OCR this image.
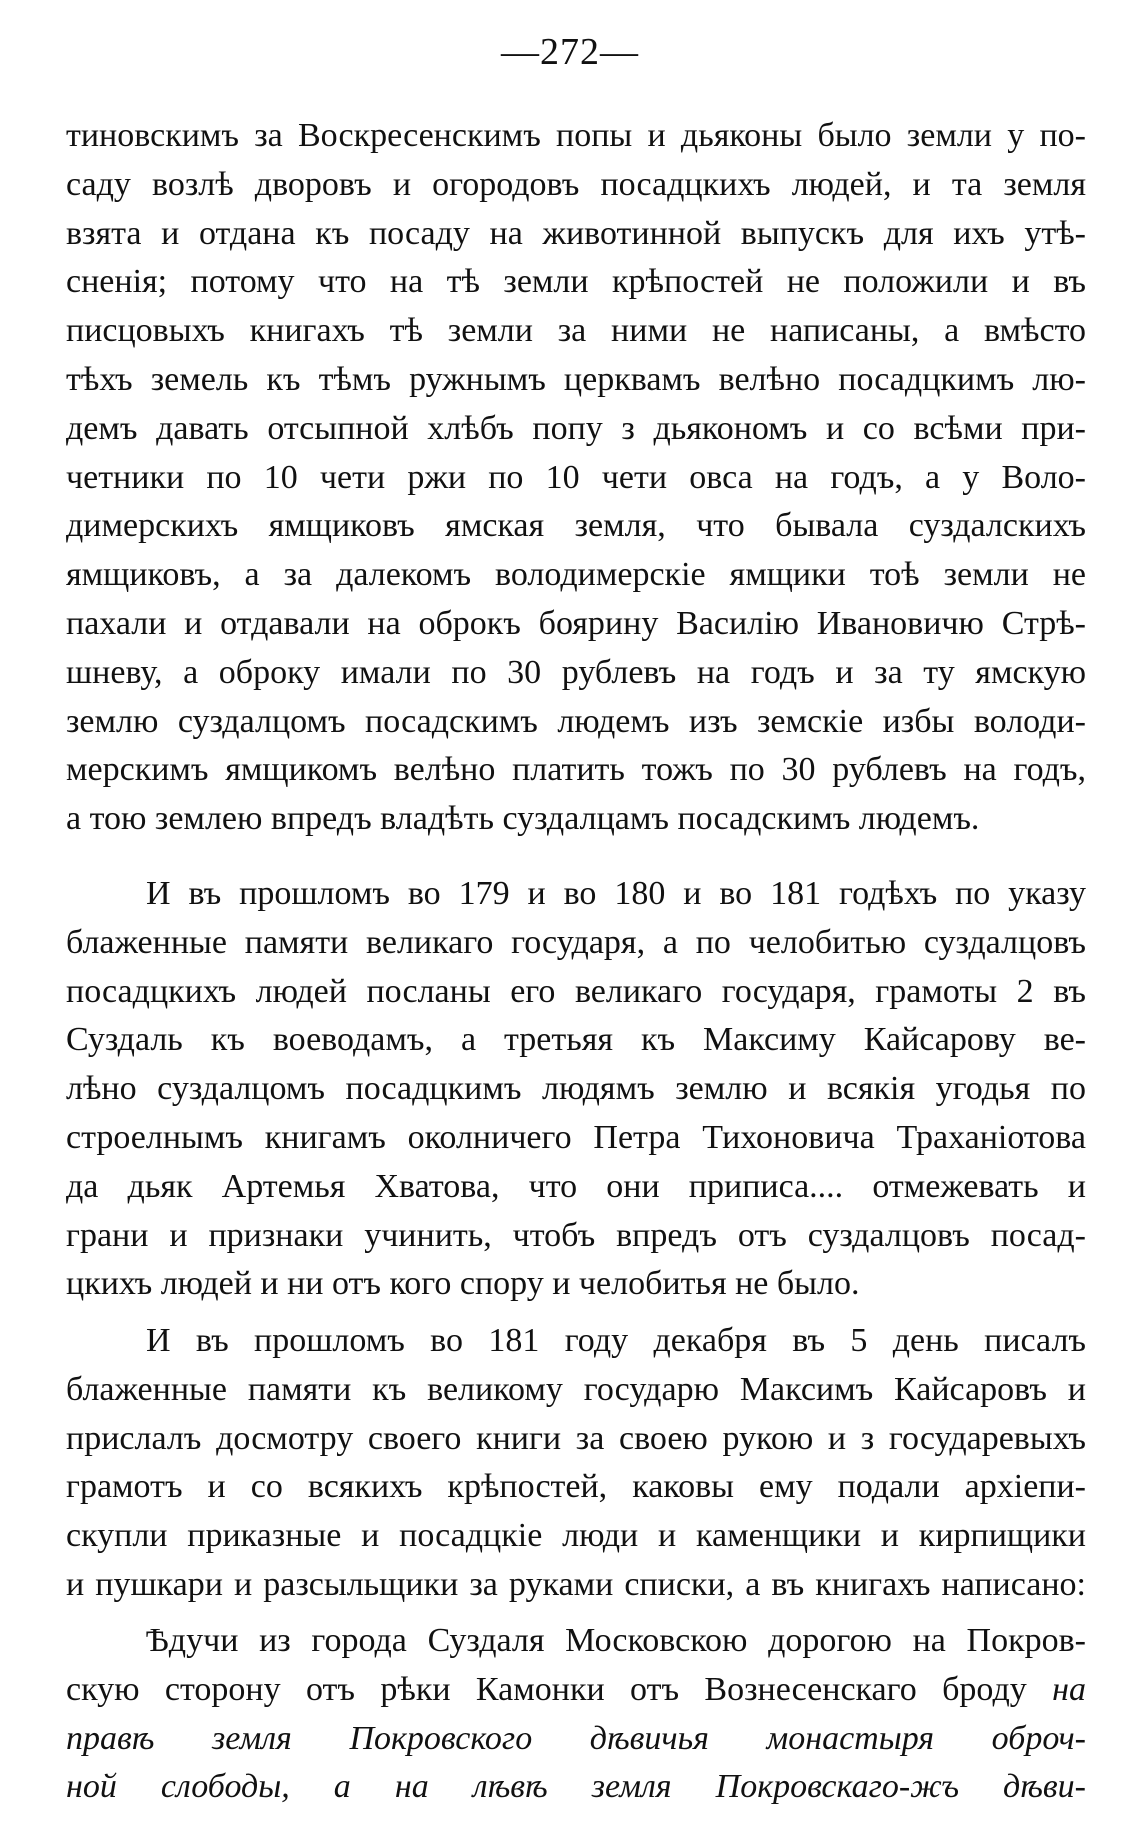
—272—
тиновскимъ за Воскресенскимъ попы и дьяконы было земли у по-
саду возлѣ дворовъ и огородовъ посадцкихъ людей, и та земля
взята и отдана къ посаду на животинной выпускъ для ихъ утѣ-
сненія; потому что на тѣ земли крѣпостей не положили и въ
писцовыхъ книгахъ тѣ земли за ними не написаны, а вмѣсто
тѣхъ земель къ тѣмъ ружнымъ церквамъ велѣно посадцкимъ лю-
демъ давать отсыпной хлѣбъ попу з дьякономъ и со всѣми при-
четники по 10 чети ржи по 10 чети овса на годъ, а у Воло-
димерскихъ ямщиковъ ямская земля, что бывала суздалскихъ
ямщиковъ, а за далекомъ володимерскіе ямщики тоѣ земли не
пахали и отдавали на оброкъ боярину Василію Ивановичю Стрѣ-
шневу, а оброку имали по 30 рублевъ на годъ и за ту ямскую
землю суздалцомъ посадскимъ людемъ изъ земскіе избы володи-
мерскимъ ямщикомъ велѣно платить тожъ по 30 рублевъ на годъ,
а тою землею впредъ владѣть суздалцамъ посадскимъ людемъ.
И въ прошломъ во 179 и во 180 и во 181 годѣхъ по указу
блаженные памяти великаго государя, а по челобитью суздалцовъ
посадцкихъ людей посланы его великаго государя, грамоты 2 въ
Суздаль къ воеводамъ, а третьяя къ Максиму Кайсарову ве-
лѣно суздалцомъ посадцкимъ людямъ землю и всякія угодья по
строелнымъ книгамъ околничего Петра Тихоновича Траханіотова
да дьяк Артемья Хватова, что они приписа.... отмежевать и
грани и признаки учинить, чтобъ впредъ отъ суздалцовъ посад-
цкихъ людей и ни отъ кого спору и челобитья не было.
И въ прошломъ во 181 году декабря въ 5 день писалъ
блаженные памяти къ великому государю Максимъ Кайсаровъ и
прислалъ досмотру своего книги за своею рукою и з государевыхъ
грамотъ и со всякихъ крѣпостей, каковы ему подали архіепи-
скупли приказные и посадцкіе люди и каменщики и кирпищики
и пушкари и разсыльщики за руками списки, а въ книгахъ написано:
Ѣдучи из города Суздаля Московскою дорогою на Покров-
скую сторону отъ рѣки Камонки отъ Вознесенскаго броду на
правѣ земля Покровского дѣвичья монастыря оброч-
ной слободы, а на лѣвѣ земля Покровскаго-жъ дѣви-
